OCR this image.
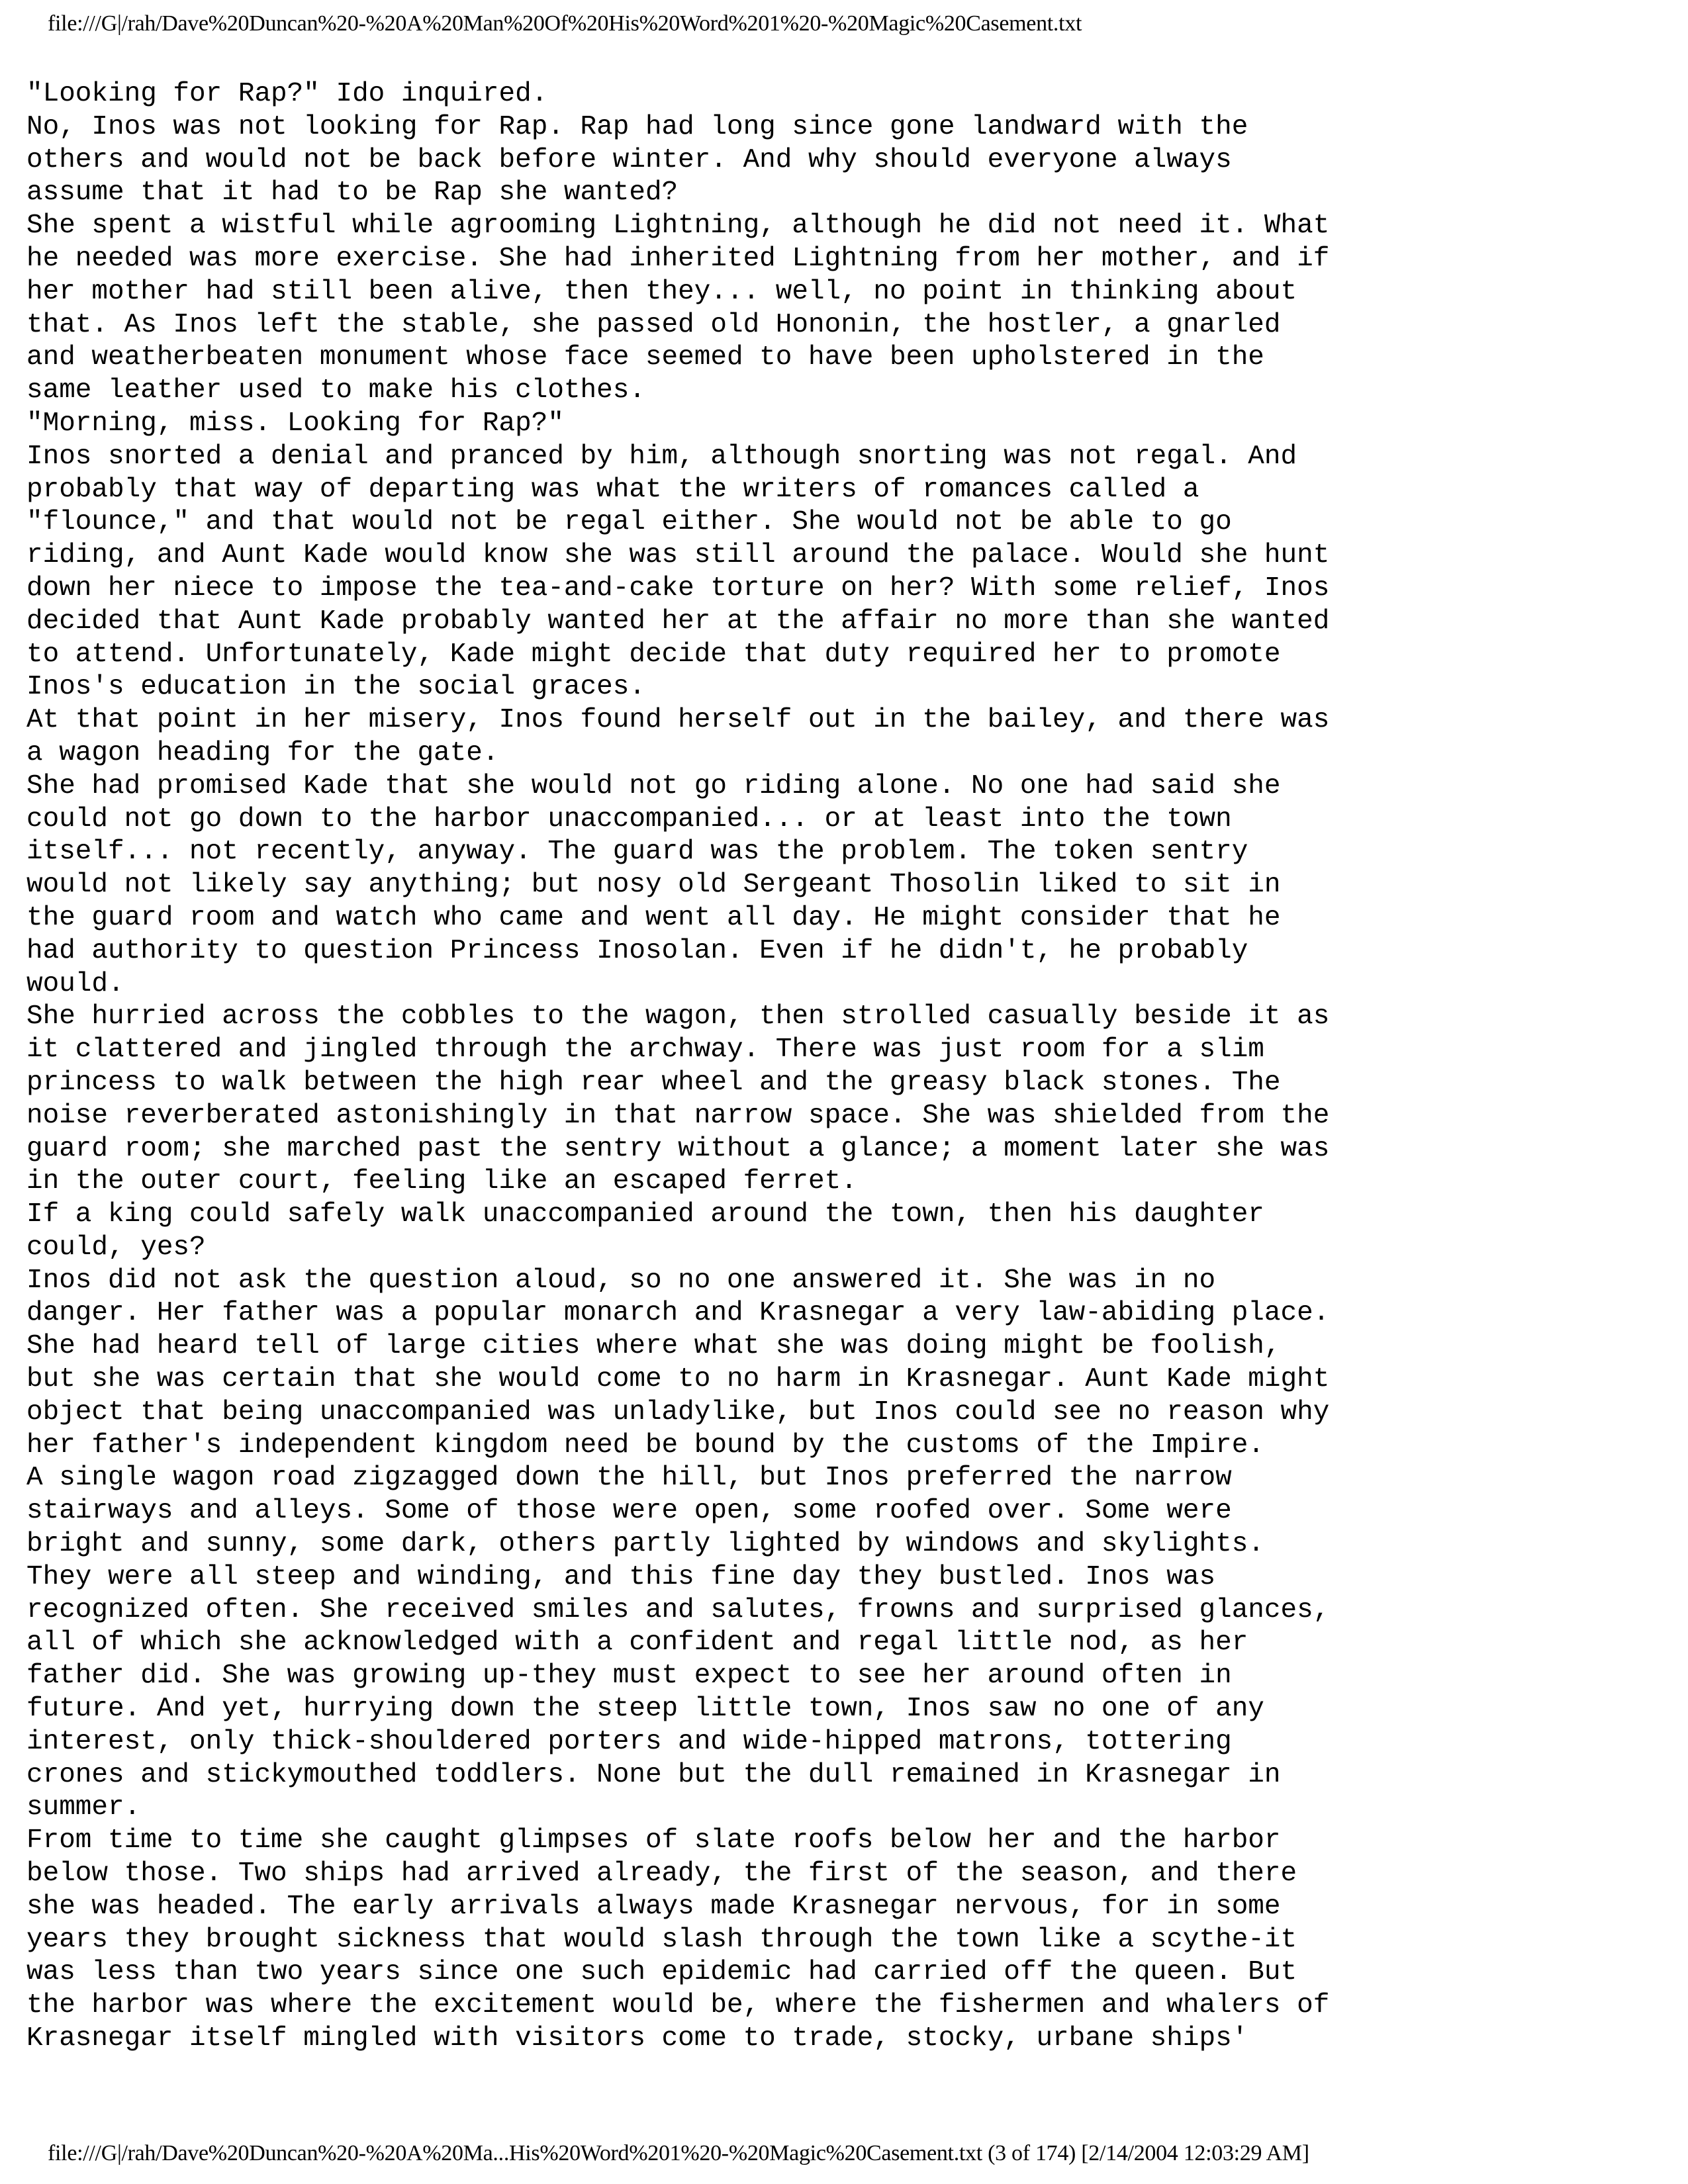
file:///G|/rah/Dave%20Duncan%20-%20A%20Man%20Of%20His%20Word%201%20-%20Magic%20Casement.txt
"Looking for Rap?" Ido inquired.
No, Inos was not looking for Rap. Rap had long since gone landward with the
others and would not be back before winter. And why should everyone always
assume that it had to be Rap she wanted?
She spent a wistful while agrooming Lightning, although he did not need it. What
he needed was more exercise. She had inherited Lightning from her mother, and if
her mother had still been alive, then they... well, no point in thinking about
that. As Inos left the stable, she passed old Hononin, the hostler, a gnarled
and weatherbeaten monument whose face seemed to have been upholstered in the
same leather used to make his clothes.
"Morning, miss. Looking for Rap?"
Inos snorted a denial and pranced by him, although snorting was not regal. And
probably that way of departing was what the writers of romances called a
"flounce," and that would not be regal either. She would not be able to go
riding, and Aunt Kade would know she was still around the palace. Would she hunt
down her niece to impose the tea-and-cake torture on her? With some relief, Inos
decided that Aunt Kade probably wanted her at the affair no more than she wanted
to attend. Unfortunately, Kade might decide that duty required her to promote
Inos's education in the social graces.
At that point in her misery, Inos found herself out in the bailey, and there was
a wagon heading for the gate.
She had promised Kade that she would not go riding alone. No one had said she
could not go down to the harbor unaccompanied... or at least into the town
itself... not recently, anyway. The guard was the problem. The token sentry
would not likely say anything; but nosy old Sergeant Thosolin liked to sit in
the guard room and watch who came and went all day. He might consider that he
had authority to question Princess Inosolan. Even if he didn't, he probably
would.
She hurried across the cobbles to the wagon, then strolled casually beside it as
it clattered and jingled through the archway. There was just room for a slim
princess to walk between the high rear wheel and the greasy black stones. The
noise reverberated astonishingly in that narrow space. She was shielded from the
guard room; she marched past the sentry without a glance; a moment later she was
in the outer court, feeling like an escaped ferret.
If a king could safely walk unaccompanied around the town, then his daughter
could, yes?
Inos did not ask the question aloud, so no one answered it. She was in no
danger. Her father was a popular monarch and Krasnegar a very law-abiding place.
She had heard tell of large cities where what she was doing might be foolish,
but she was certain that she would come to no harm in Krasnegar. Aunt Kade might
object that being unaccompanied was unladylike, but Inos could see no reason why
her father's independent kingdom need be bound by the customs of the Impire.
A single wagon road zigzagged down the hill, but Inos preferred the narrow
stairways and alleys. Some of those were open, some roofed over. Some were
bright and sunny, some dark, others partly lighted by windows and skylights.
They were all steep and winding, and this fine day they bustled. Inos was
recognized often. She received smiles and salutes, frowns and surprised glances,
all of which she acknowledged with a confident and regal little nod, as her
father did. She was growing up-they must expect to see her around often in
future. And yet, hurrying down the steep little town, Inos saw no one of any
interest, only thick-shouldered porters and wide-hipped matrons, tottering
crones and stickymouthed toddlers. None but the dull remained in Krasnegar in
summer.
From time to time she caught glimpses of slate roofs below her and the harbor
below those. Two ships had arrived already, the first of the season, and there
she was headed. The early arrivals always made Krasnegar nervous, for in some
years they brought sickness that would slash through the town like a scythe-it
was less than two years since one such epidemic had carried off the queen. But
the harbor was where the excitement would be, where the fishermen and whalers of
Krasnegar itself mingled with visitors come to trade, stocky, urbane ships'
file:///G|/rah/Dave%20Duncan%20-%20A%20Ma...His%20Word%201%20-%20Magic%20Casement.txt (3 of 174) [2/14/2004 12:03:29 AM]
